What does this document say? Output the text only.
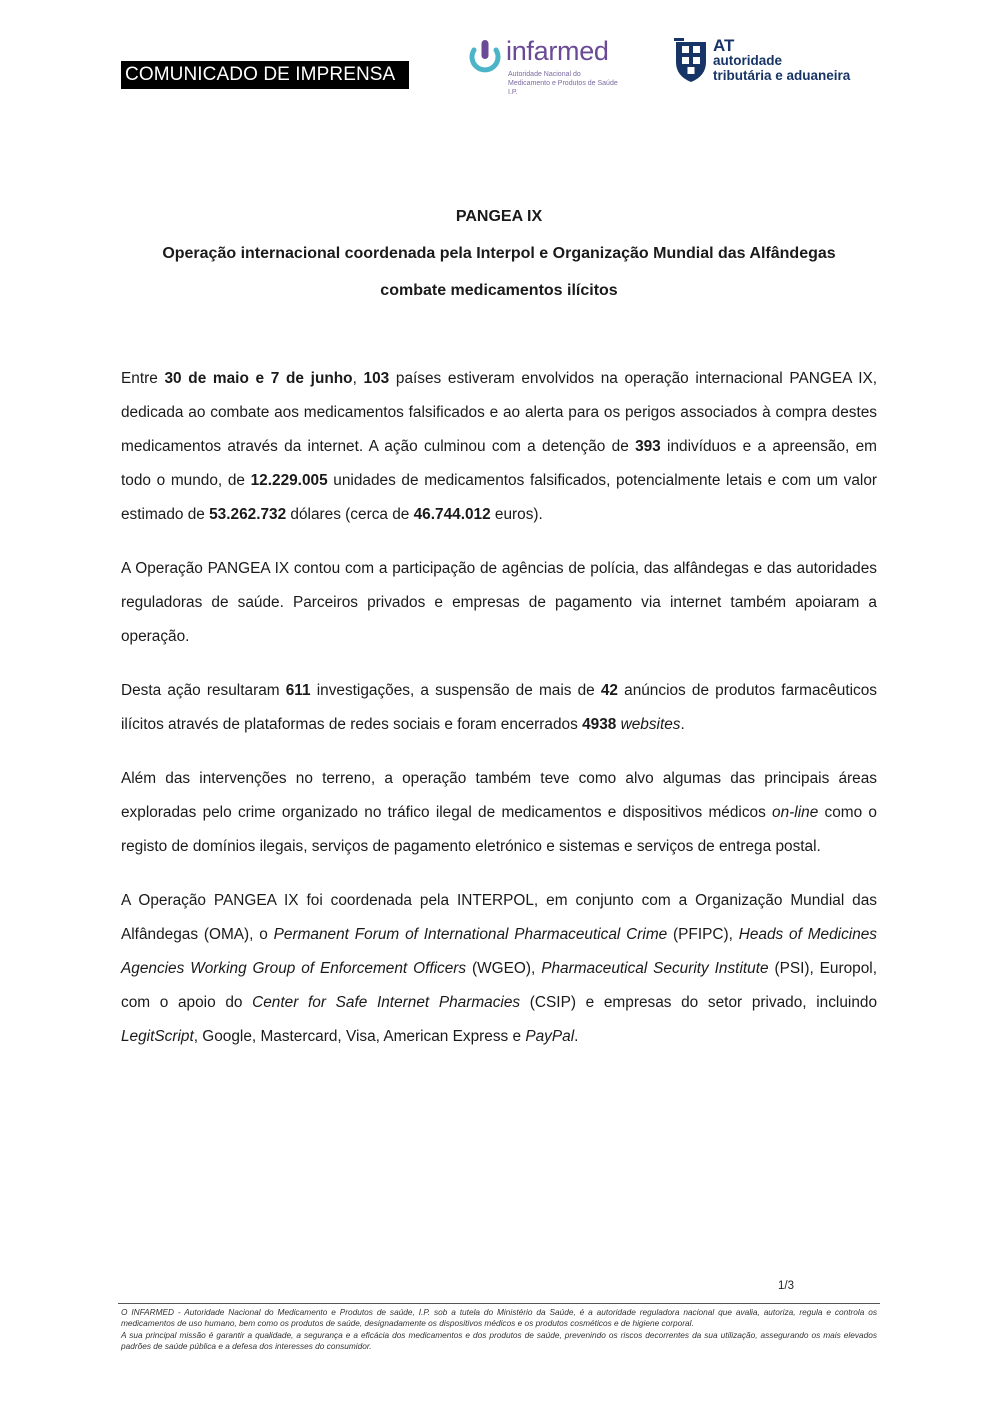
COMUNICADO DE IMPRENSA
infarmed
Autoridade Nacional do Medicamento e Produtos de Saúde I.P.
AT
autoridade
tributária e aduaneira
PANGEA IX
Operação internacional coordenada pela Interpol e Organização Mundial das Alfândegas
combate medicamentos ilícitos

Entre 30 de maio e 7 de junho, 103 países estiveram envolvidos na operação internacional PANGEA IX, dedicada ao combate aos medicamentos falsificados e ao alerta para os perigos associados à compra destes medicamentos através da internet. A ação culminou com a detenção de 393 indivíduos e a apreensão, em todo o mundo, de 12.229.005 unidades de medicamentos falsificados, potencialmente letais e com um valor estimado de 53.262.732 dólares (cerca de 46.744.012 euros).

A Operação PANGEA IX contou com a participação de agências de polícia, das alfândegas e das autoridades reguladoras de saúde. Parceiros privados e empresas de pagamento via internet também apoiaram a operação.

Desta ação resultaram 611 investigações, a suspensão de mais de 42 anúncios de produtos farmacêuticos ilícitos através de plataformas de redes sociais e foram encerrados 4938 websites.

Além das intervenções no terreno, a operação também teve como alvo algumas das principais áreas exploradas pelo crime organizado no tráfico ilegal de medicamentos e dispositivos médicos on-line como o registo de domínios ilegais, serviços de pagamento eletrónico e sistemas e serviços de entrega postal.

A Operação PANGEA IX foi coordenada pela INTERPOL, em conjunto com a Organização Mundial das Alfândegas (OMA), o Permanent Forum of International Pharmaceutical Crime (PFIPC), Heads of Medicines Agencies Working Group of Enforcement Officers (WGEO), Pharmaceutical Security Institute (PSI), Europol, com o apoio do Center for Safe Internet Pharmacies (CSIP) e empresas do setor privado, incluindo LegitScript, Google, Mastercard, Visa, American Express e PayPal.

1/3

O INFARMED - Autoridade Nacional do Medicamento e Produtos de saúde, I.P. sob a tutela do Ministério da Saúde, é a autoridade reguladora nacional que avalia, autoriza, regula e controla os medicamentos de uso humano, bem como os produtos de saúde, designadamente os dispositivos médicos e os produtos cosméticos e de higiene corporal.

A sua principal missão é garantir a qualidade, a segurança e a eficácia dos medicamentos e dos produtos de saúde, prevenindo os riscos decorrentes da sua utilização, assegurando os mais elevados padrões de saúde pública e a defesa dos interesses do consumidor.
